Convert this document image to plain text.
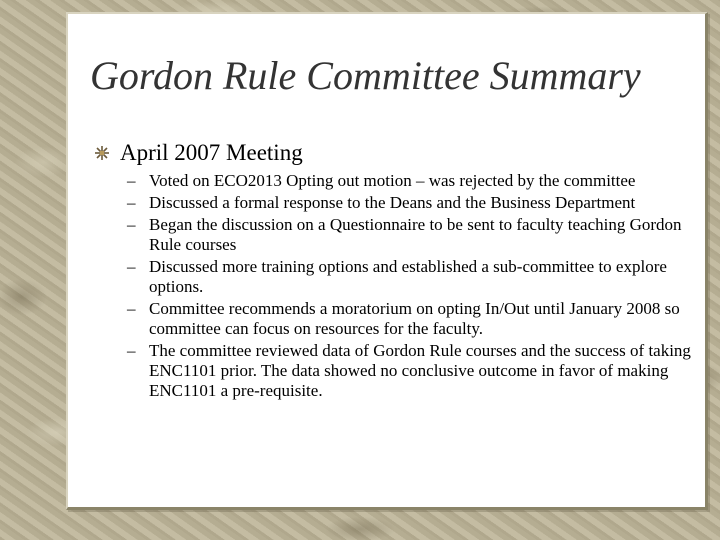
Gordon Rule Committee Summary
April 2007 Meeting
– Voted on ECO2013 Opting out motion – was rejected by the committee
– Discussed a formal response to the Deans and the Business Department
– Began the discussion on a Questionnaire to be sent to faculty teaching Gordon Rule courses
– Discussed more training options and established a sub-committee to explore options.
– Committee recommends a moratorium on opting In/Out until January 2008 so committee can focus on resources for the faculty.
– The committee reviewed data of Gordon Rule courses and the success of taking ENC1101 prior. The data showed no conclusive outcome in favor of making ENC1101 a pre-requisite.
